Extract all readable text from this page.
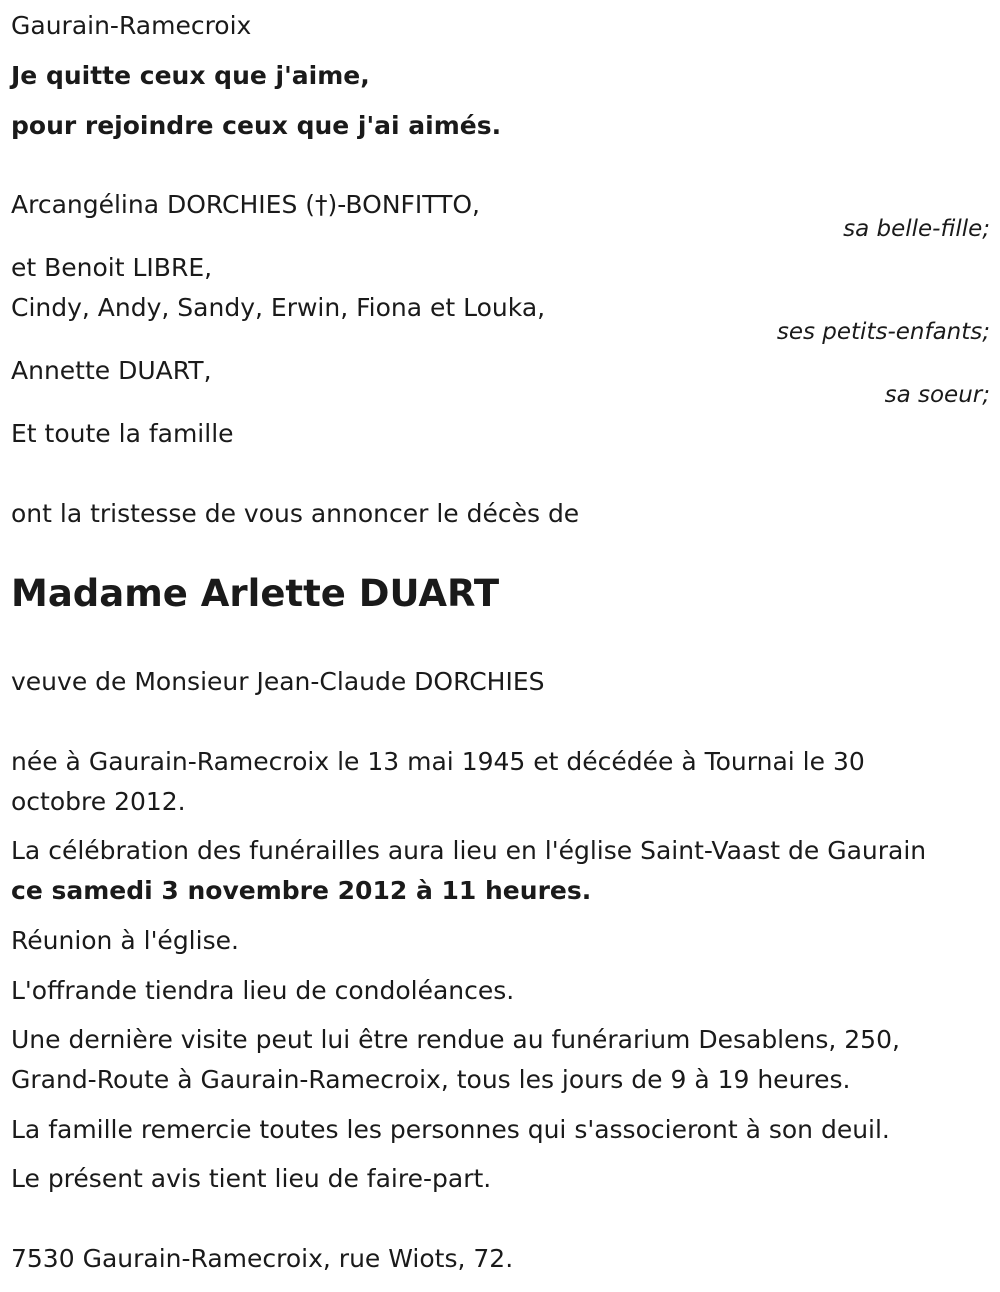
Gaurain-Ramecroix
Je quitte ceux que j'aime,
pour rejoindre ceux que j'ai aimés.
Arcangélina DORCHIES (†)-BONFITTO,
sa belle-fille;
et Benoit LIBRE,
Cindy, Andy, Sandy, Erwin, Fiona et Louka,
ses petits-enfants;
Annette DUART,
sa soeur;
Et toute la famille
ont la tristesse de vous annoncer le décès de
Madame Arlette DUART
veuve de Monsieur Jean-Claude DORCHIES
née à Gaurain-Ramecroix le 13 mai 1945 et décédée à Tournai le 30
octobre 2012.
La célébration des funérailles aura lieu en l'église Saint-Vaast de Gaurain
ce samedi 3 novembre 2012 à 11 heures.
Réunion à l'église.
L'offrande tiendra lieu de condoléances.
Une dernière visite peut lui être rendue au funérarium Desablens, 250,
Grand-Route à Gaurain-Ramecroix, tous les jours de 9 à 19 heures.
La famille remercie toutes les personnes qui s'associeront à son deuil.
Le présent avis tient lieu de faire-part.
7530 Gaurain-Ramecroix, rue Wiots, 72.
